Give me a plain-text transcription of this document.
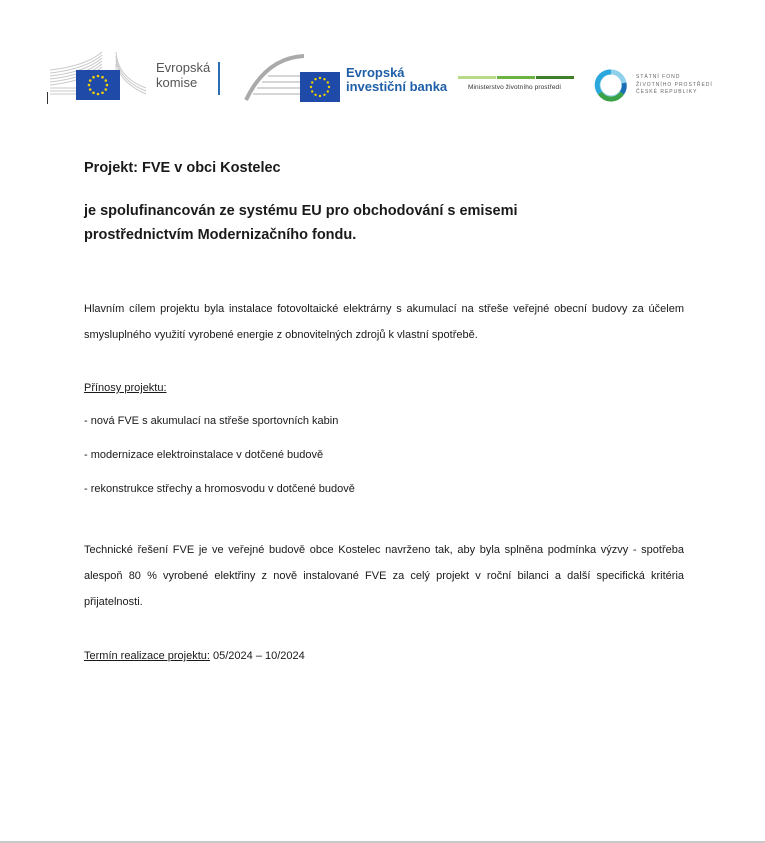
Evropská
komise
Evropská
investiční banka	Ministerstvo životního prostředí
STÁTNÍ FOND
ŽIVOTNÍHO PROSTŘEDÍ
ČESKÉ REPUBLIKY
Projekt: FVE v obci Kostelec
je spolufinancován ze systému EU pro obchodování s emisemi prostřednictvím Modernizačního fondu.
Hlavním cílem projektu byla instalace fotovoltaické elektrárny s akumulací na střeše veřejné obecní budovy za účelem smysluplného využití vyrobené energie z obnovitelných zdrojů k vlastní spotřebě.
Přínosy projektu:
- nová FVE s akumulací na střeše sportovních kabin
- modernizace elektroinstalace v dotčené budově
- rekonstrukce střechy a hromosvodu v dotčené budově
Technické řešení FVE je ve veřejné budově obce Kostelec navrženo tak, aby byla splněna podmínka výzvy - spotřeba alespoň 80 % vyrobené elektřiny z nově instalované FVE za celý projekt v roční bilanci a další specifická kritéria přijatelnosti.
Termín realizace projektu: 05/2024 – 10/2024
